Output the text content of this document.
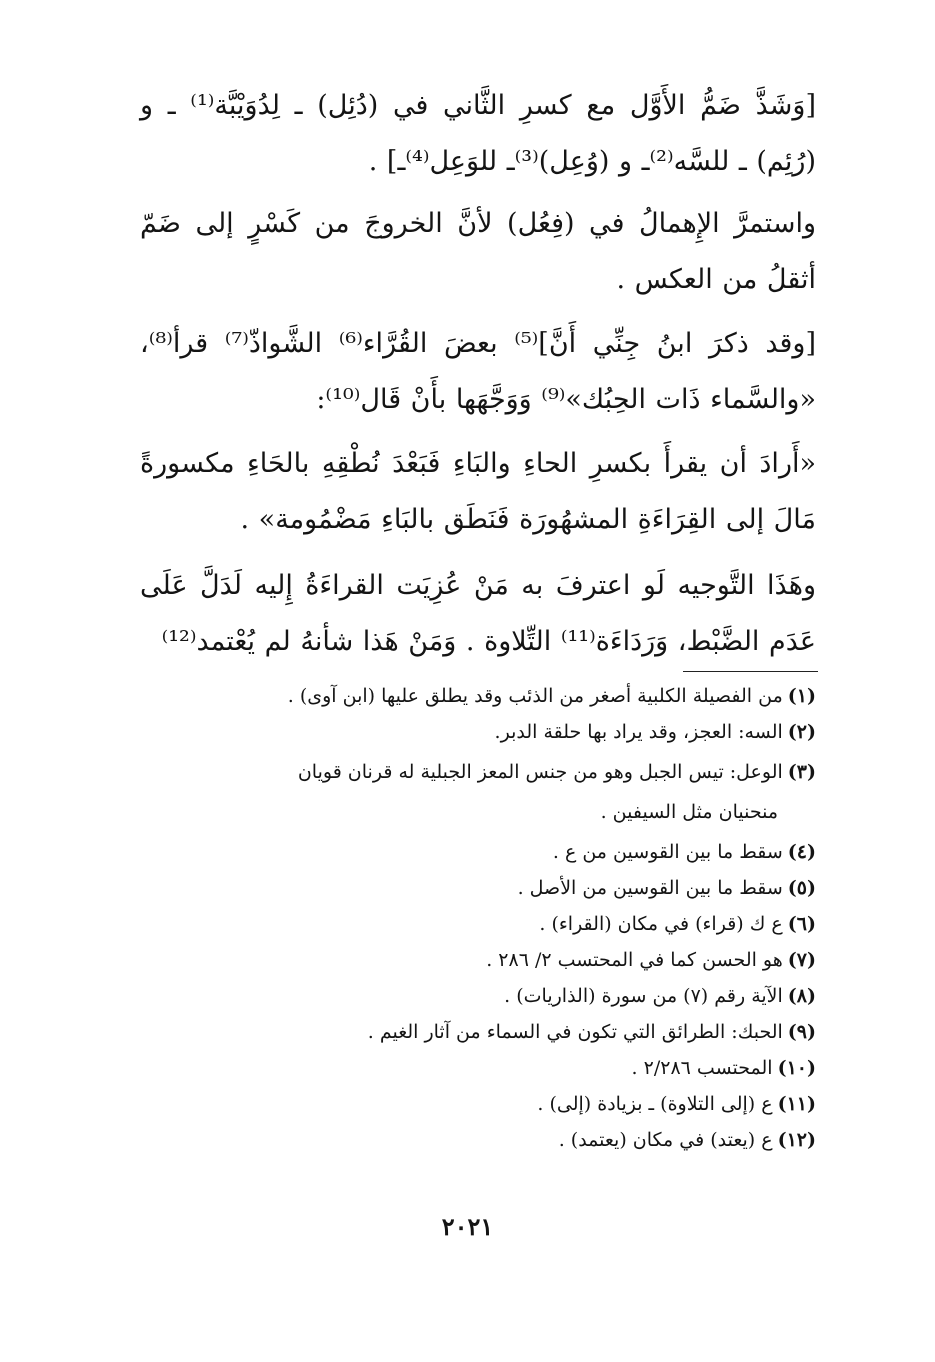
[وَشَذَّ ضَمُّ الأَوَّل مع كسرِ الثَّاني في (دُئِل) ـ لِدُوَيْبَّة⁽¹⁾ ـ و (رُئِم) ـ للسَّه⁽²⁾ـ و (وُعِل)⁽³⁾ـ للوَعِل⁽⁴⁾ـ] .

واستمرَّ الإِهمالُ في (فِعُل) لأنَّ الخروجَ من كَسْرٍ إلى ضَمّ أثقلُ من العكس .

[وقد ذكرَ ابنُ جِنِّي أَنَّ]⁽⁵⁾ بعضَ القُرَّاء⁽⁶⁾ الشَّواذّ⁽⁷⁾ قرأ⁽⁸⁾، «والسَّماء ذَات الحِبُك»⁽⁹⁾ وَوَجَّهَها بأَنْ قَال⁽¹⁰⁾:

«أَرادَ أن يقرأَ بكسرِ الحاءِ والبَاءِ فَبَعْدَ نُطْقِهِ بالحَاءِ مكسورةً مَالَ إلى القِرَاءَةِ المشهُورَة فَنَطَق بالبَاءِ مَضْمُومة» .

وهَذَا التَّوجيه لَو اعترفَ به مَنْ عُزِيَت القراءَةُ إِليه لَدَلَّ عَلَى عَدَم الضَّبْط، وَرَدَاءَة⁽¹¹⁾ التِّلاوة . وَمَنْ هَذا شأنهُ لم يُعْتمد⁽¹²⁾

(١)من الفصيلة الكلبية أصغر من الذئب وقد يطلق عليها (ابن آوى) .
(٢)السه: العجز، وقد يراد بها حلقة الدبر.
(٣)الوعل: تيس الجبل وهو من جنس المعز الجبلية له قرنان قويان
منحنيان مثل السيفين .
(٤)سقط ما بين القوسين من ع .
(٥)سقط ما بين القوسين من الأصل .
(٦)ع ك (قراء) في مكان (القراء) .
(٧)هو الحسن كما في المحتسب ٢/ ٢٨٦ .
(٨)الآية رقم (٧) من سورة (الذاريات) .
(٩)الحبك: الطرائق التي تكون في السماء من آثار الغيم .
(١٠)المحتسب ٢/٢٨٦ .
(١١)ع (إلى التلاوة) ـ بزيادة (إلى) .
(١٢)ع (يعتد) في مكان (يعتمد) .
٢٠٢١
